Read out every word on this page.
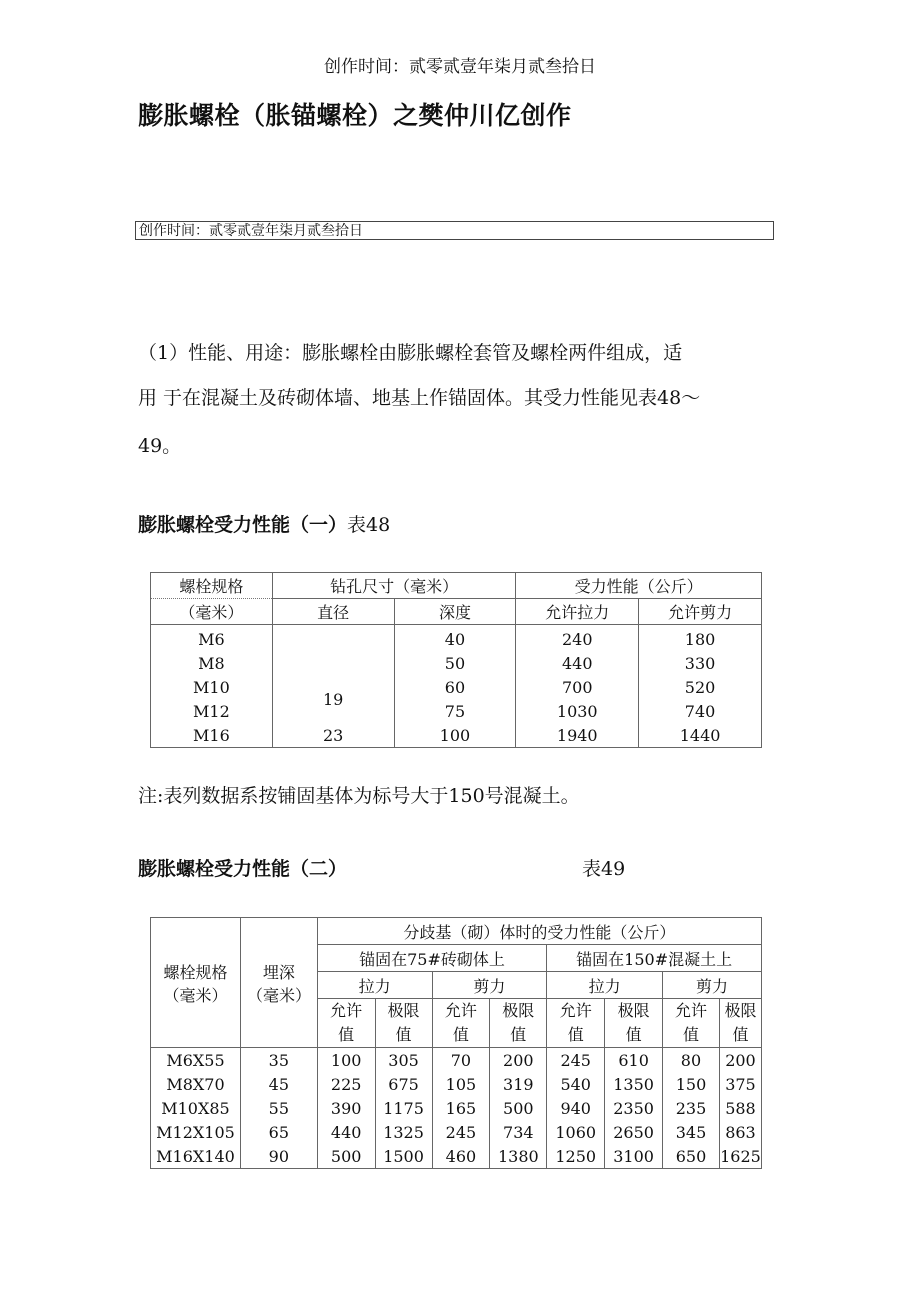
创作时间：贰零贰壹年柒月贰叁拾日
膨胀螺栓（胀锚螺栓）之樊仲川亿创作
创作时间：贰零贰壹年柒月贰叁拾日
（1）性能、用途：膨胀螺栓由膨胀螺栓套管及螺栓两件组成，适
用 于在混凝土及砖砌体墙、地基上作锚固体。其受力性能见表48〜
49。
膨胀螺栓受力性能（一）表48
螺栓规格	钻孔尺寸（毫米）		受力性能（公斤）	
（毫米）	直径	深度	允许拉力	允许剪力
M6		40	240	180
M8		50	440	330
M10	19	60	700	520
M12		75	1030	740
M16	23	100	1940	1440
注:表列数据系按铺固基体为标号大于150号混凝土。
膨胀螺栓受力性能（二）	表49
螺栓规格（毫米）	埋深（毫米）	分歧基（砌）体时的受力性能（公斤）							
		锚固在75#砖砌体上				锚固在150#混凝土上			
		拉力		剪力		拉力		剪力	
		允许值	极限值	允许值	极限值	允许值	极限值	允许值	极限值
M6X55	35	100	305	70	200	245	610	80	200
M8X70	45	225	675	105	319	540	1350	150	375
M10X85	55	390	1175	165	500	940	2350	235	588
M12X105	65	440	1325	245	734	1060	2650	345	863
M16X140	90	500	1500	460	1380	1250	3100	650	1625
